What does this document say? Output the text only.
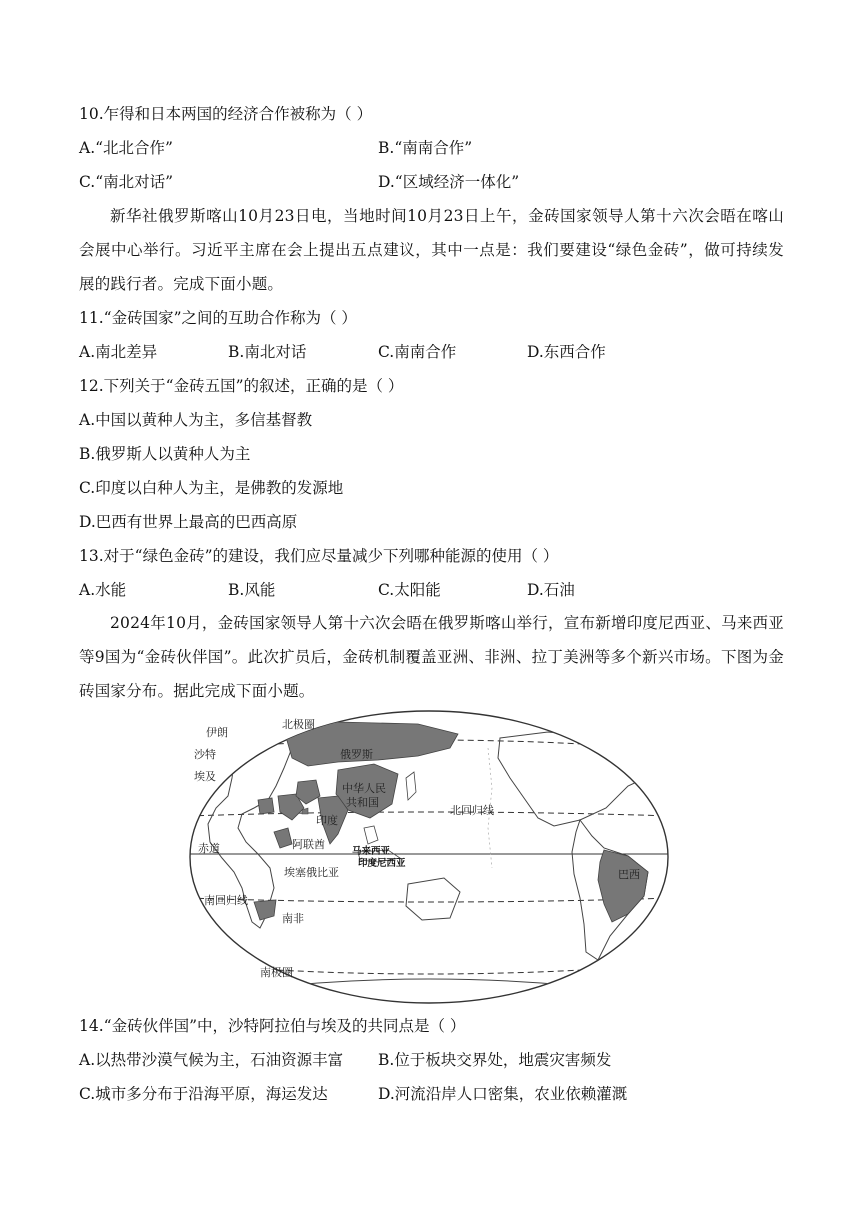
10.乍得和日本两国的经济合作被称为（ ）
A.“北北合作”	B.“南南合作”
C.“南北对话”	D.“区域经济一体化”
新华社俄罗斯喀山10月23日电，当地时间10月23日上午，金砖国家领导人第十六次会晤在喀山会展中心举行。习近平主席在会上提出五点建议，其中一点是：我们要建设“绿色金砖”，做可持续发展的践行者。完成下面小题。
11.“金砖国家”之间的互助合作称为（ ）
A.南北差异	B.南北对话	C.南南合作	D.东西合作
12.下列关于“金砖五国”的叙述，正确的是（ ）
A.中国以黄种人为主，多信基督教
B.俄罗斯人以黄种人为主
C.印度以白种人为主，是佛教的发源地
D.巴西有世界上最高的巴西高原
13.对于“绿色金砖”的建设，我们应尽量减少下列哪种能源的使用（ ）
A.水能	B.风能	C.太阳能	D.石油
2024年10月，金砖国家领导人第十六次会晤在俄罗斯喀山举行，宣布新增印度尼西亚、马来西亚等9国为“金砖伙伴国”。此次扩员后，金砖机制覆盖亚洲、非洲、拉丁美洲等多个新兴市场。下图为金砖国家分布。据此完成下面小题。
伊朗
沙特
埃及
北极圈
俄罗斯
中华人民
共和国
印度
北回归线
赤道	阿联酋
马来西亚
印度尼西亚
埃塞俄比亚
南回归线
南非
巴西
南极圈
14.“金砖伙伴国”中，沙特阿拉伯与埃及的共同点是（ ）
A.以热带沙漠气候为主，石油资源丰富 B.位于板块交界处，地震灾害频发
C.城市多分布于沿海平原，海运发达	D.河流沿岸人口密集，农业依赖灌溉
